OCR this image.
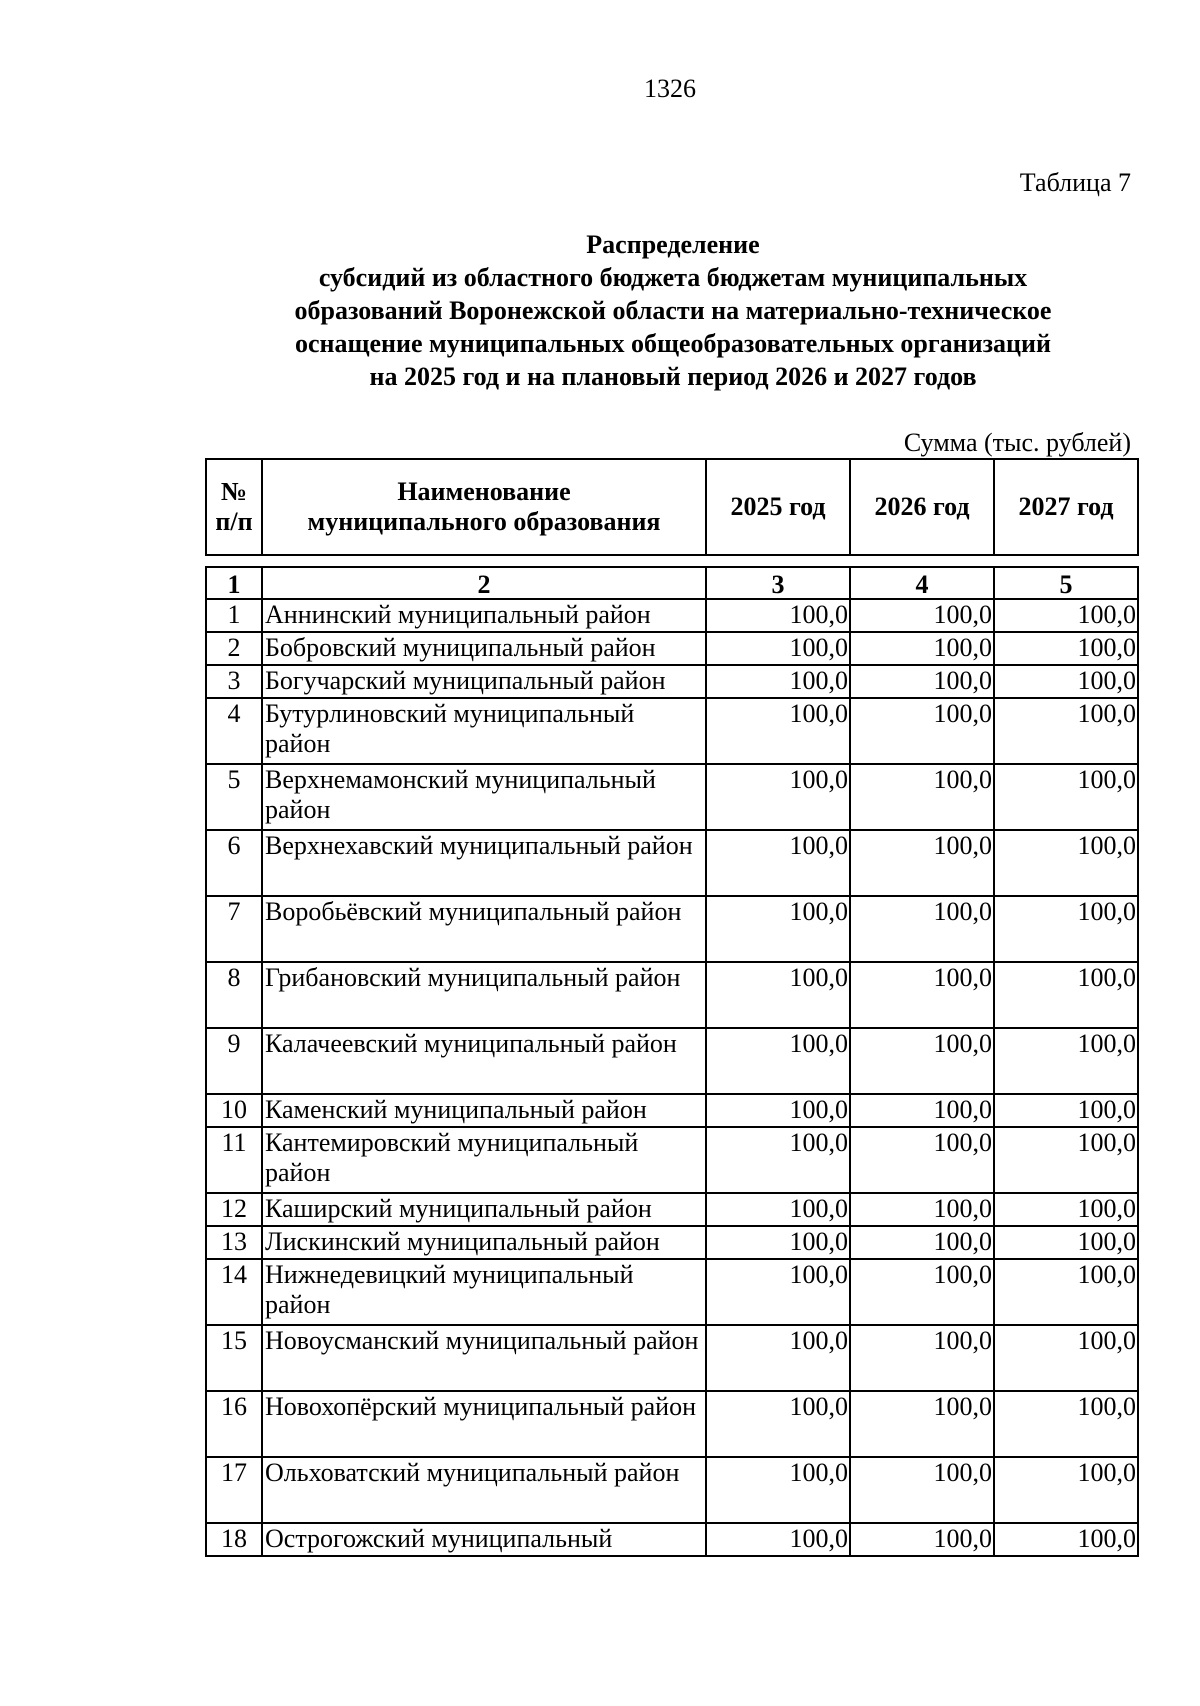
1326
Таблица 7
Распределение
субсидий из областного бюджета бюджетам муниципальных
образований Воронежской области на материально-техническое
оснащение муниципальных общеобразовательных организаций
на 2025 год и на плановый период 2026 и 2027 годов
Сумма (тыс. рублей)
№ п/п	Наименование муниципального образования	2025 год	2026 год	2027 год
1	2	3	4	5
1	Аннинский муниципальный район	100,0	100,0	100,0
2	Бобровский муниципальный район	100,0	100,0	100,0
3	Богучарский муниципальный район	100,0	100,0	100,0
4	Бутурлиновский муниципальный район	100,0	100,0	100,0
5	Верхнемамонский муниципальный район	100,0	100,0	100,0
6	Верхнехавский муниципальный район	100,0	100,0	100,0
7	Воробьёвский муниципальный район	100,0	100,0	100,0
8	Грибановский муниципальный район	100,0	100,0	100,0
9	Калачеевский муниципальный район	100,0	100,0	100,0
10	Каменский муниципальный район	100,0	100,0	100,0
11	Кантемировский муниципальный район	100,0	100,0	100,0
12	Каширский муниципальный район	100,0	100,0	100,0
13	Лискинский муниципальный район	100,0	100,0	100,0
14	Нижнедевицкий муниципальный район	100,0	100,0	100,0
15	Новоусманский муниципальный район	100,0	100,0	100,0
16	Новохопёрский муниципальный район	100,0	100,0	100,0
17	Ольховатский муниципальный район	100,0	100,0	100,0
18	Острогожский муниципальный	100,0	100,0	100,0
